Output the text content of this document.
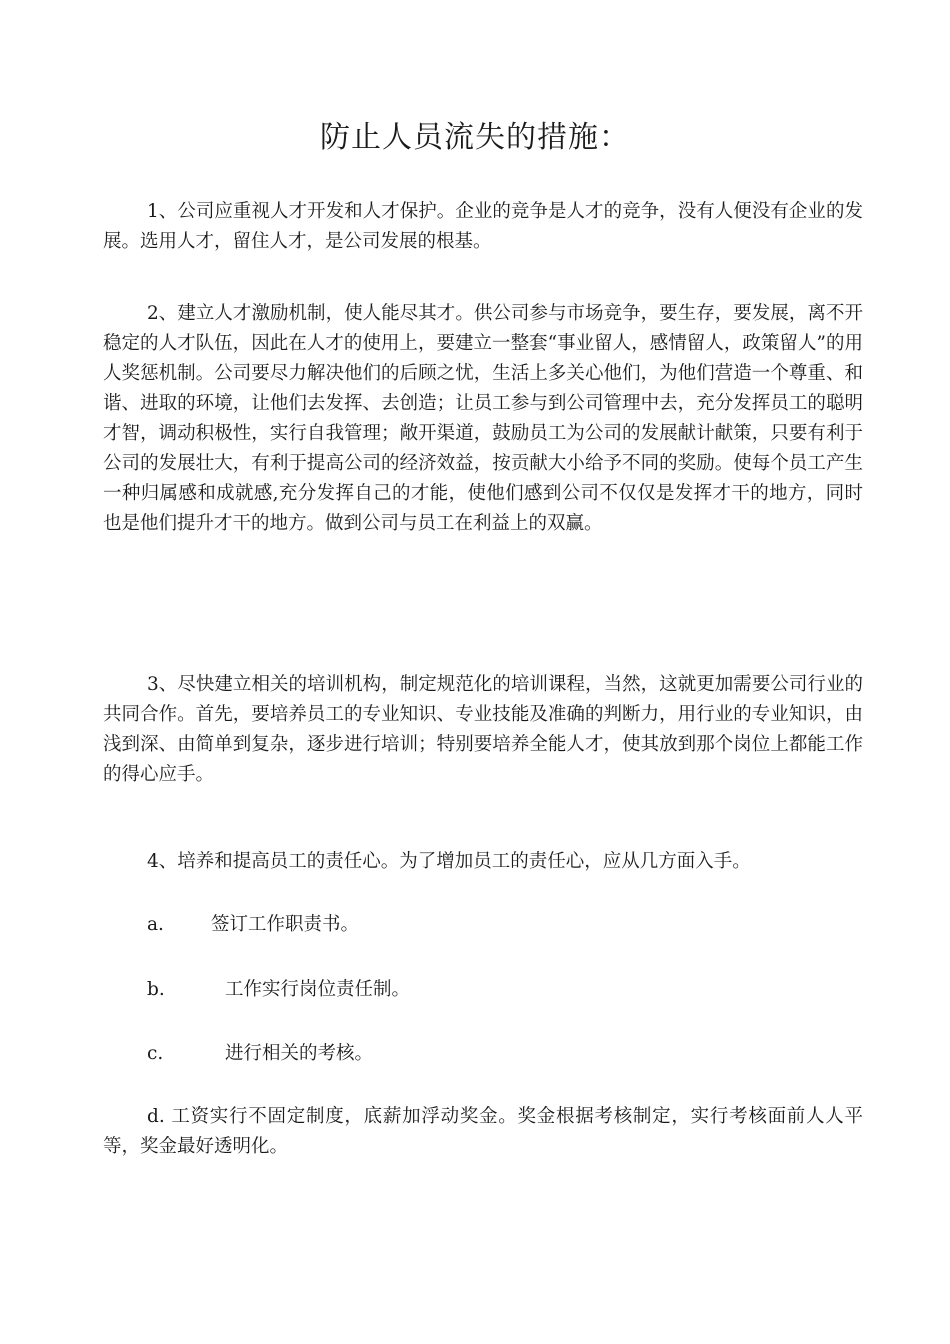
防止人员流失的措施：

1、公司应重视人才开发和人才保护。企业的竞争是人才的竞争，没有人便没有企业的发展。选用人才，留住人才，是公司发展的根基。

2、建立人才激励机制，使人能尽其才。供公司参与市场竞争，要生存，要发展，离不开稳定的人才队伍，因此在人才的使用上，要建立一整套“事业留人，感情留人，政策留人”的用人奖惩机制。公司要尽力解决他们的后顾之忧，生活上多关心他们，为他们营造一个尊重、和谐、进取的环境，让他们去发挥、去创造；让员工参与到公司管理中去，充分发挥员工的聪明才智，调动积极性，实行自我管理；敞开渠道，鼓励员工为公司的发展献计献策，只要有利于公司的发展壮大，有利于提高公司的经济效益，按贡献大小给予不同的奖励。使每个员工产生一种归属感和成就感,充分发挥自己的才能，使他们感到公司不仅仅是发挥才干的地方，同时也是他们提升才干的地方。做到公司与员工在利益上的双赢。

3、尽快建立相关的培训机构，制定规范化的培训课程，当然，这就更加需要公司行业的共同合作。首先，要培养员工的专业知识、专业技能及准确的判断力，用行业的专业知识，由浅到深、由简单到复杂，逐步进行培训；特别要培养全能人才，使其放到那个岗位上都能工作的得心应手。

4、培养和提高员工的责任心。为了增加员工的责任心，应从几方面入手。

a.	签订工作职责书。
b.	工作实行岗位责任制。
c.	进行相关的考核。

d. 工资实行不固定制度，底薪加浮动奖金。奖金根据考核制定，实行考核面前人人平等，奖金最好透明化。
